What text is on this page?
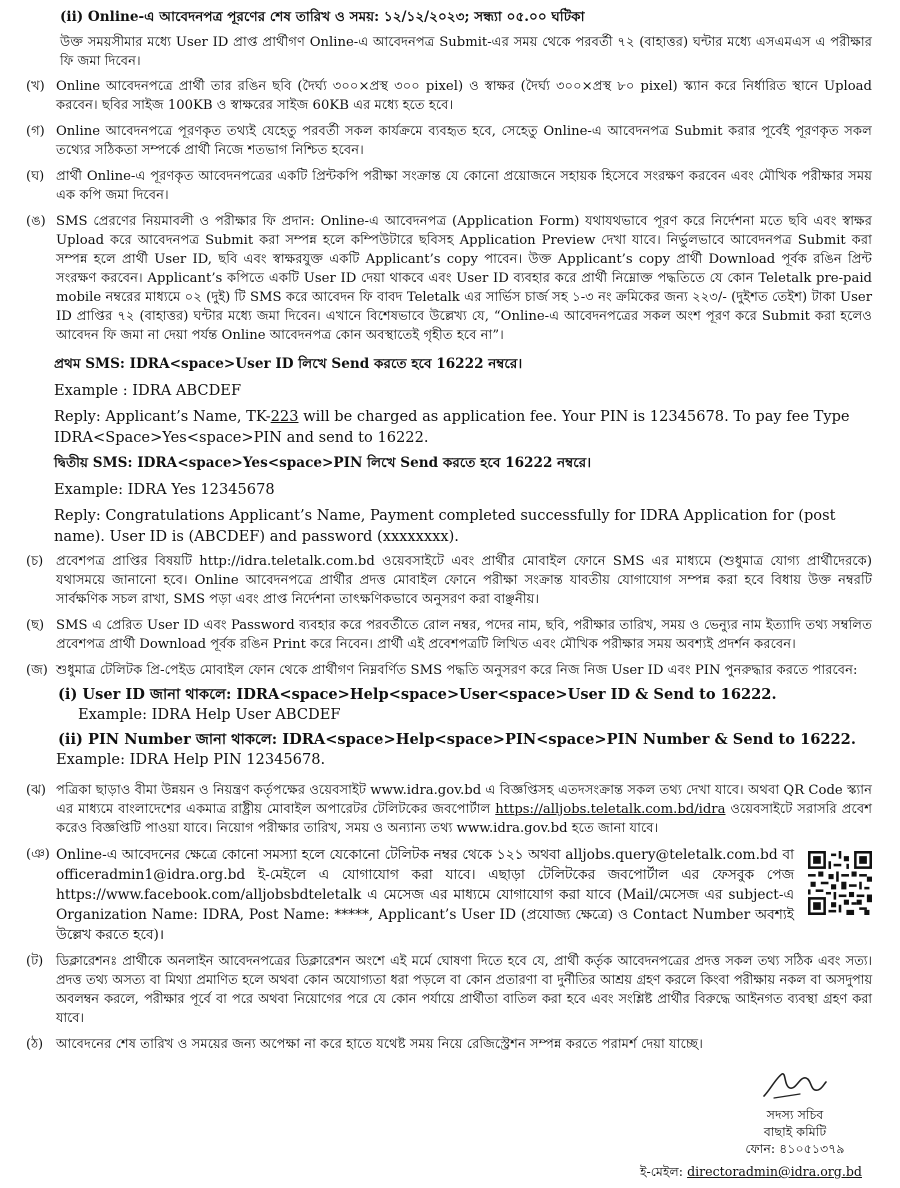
(ii) Online-এ আবেদনপত্র পূরণের শেষ তারিখ ও সময়: ১২/১২/২০২৩; সন্ধ্যা ০৫.০০ ঘটিকা

উক্ত সময়সীমার মধ্যে User ID প্রাপ্ত প্রার্থীগণ Online-এ আবেদনপত্র Submit-এর সময় থেকে পরবর্তী ৭২ (বাহাত্তর) ঘন্টার মধ্যে এসএমএস এ পরীক্ষার ফি জমা দিবেন।

(খ) Online আবেদনপত্রে প্রার্থী তার রঙিন ছবি (দৈর্ঘ্য ৩০০×প্রস্থ ৩০০ pixel) ও স্বাক্ষর (দৈর্ঘ্য ৩০০×প্রস্থ ৮০ pixel) স্ক্যান করে নির্ধারিত স্থানে Upload করবেন। ছবির সাইজ 100KB ও স্বাক্ষরের সাইজ 60KB এর মধ্যে হতে হবে।
(গ) Online আবেদনপত্রে পূরণকৃত তথ্যই যেহেতু পরবর্তী সকল কার্যক্রমে ব্যবহৃত হবে, সেহেতু Online-এ আবেদনপত্র Submit করার পূর্বেই পূরণকৃত সকল তথ্যের সঠিকতা সম্পর্কে প্রার্থী নিজে শতভাগ নিশ্চিত হবেন।
(ঘ) প্রার্থী Online-এ পূরণকৃত আবেদনপত্রের একটি প্রিন্টকপি পরীক্ষা সংক্রান্ত যে কোনো প্রয়োজনে সহায়ক হিসেবে সংরক্ষণ করবেন এবং মৌখিক পরীক্ষার সময় এক কপি জমা দিবেন।
(ঙ) SMS প্রেরণের নিয়মাবলী ও পরীক্ষার ফি প্রদান: Online-এ আবেদনপত্র (Application Form) যথাযথভাবে পূরণ করে নির্দেশনা মতে ছবি এবং স্বাক্ষর Upload করে আবেদনপত্র Submit করা সম্পন্ন হলে কম্পিউটারে ছবিসহ Application Preview দেখা যাবে। নির্ভুলভাবে আবেদনপত্র Submit করা সম্পন্ন হলে প্রার্থী User ID, ছবি এবং স্বাক্ষরযুক্ত একটি Applicant’s copy পাবেন। উক্ত Applicant’s copy প্রার্থী Download পূর্বক রঙিন প্রিন্ট সংরক্ষণ করবেন। Applicant’s কপিতে একটি User ID দেয়া থাকবে এবং User ID ব্যবহার করে প্রার্থী নিম্নোক্ত পদ্ধতিতে যে কোন Teletalk pre-paid mobile নম্বরের মাধ্যমে ০২ (দুই) টি SMS করে আবেদন ফি বাবদ Teletalk এর সার্ভিস চার্জ সহ ১-৩ নং ক্রমিকের জন্য ২২৩/- (দুইশত তেইশ) টাকা User ID প্রাপ্তির ৭২ (বাহাত্তর) ঘন্টার মধ্যে জমা দিবেন। এখানে বিশেষভাবে উল্লেখ্য যে, “Online-এ আবেদনপত্রের সকল অংশ পূরণ করে Submit করা হলেও আবেদন ফি জমা না দেয়া পর্যন্ত Online আবেদনপত্র কোন অবস্থাতেই গৃহীত হবে না”।

প্রথম SMS: IDRA<space>User ID লিখে Send করতে হবে 16222 নম্বরে।

Example : IDRA ABCDEF

Reply: Applicant’s Name, TK-223 will be charged as application fee. Your PIN is 12345678. To pay fee Type IDRA<Space>Yes<space>PIN and send to 16222.

দ্বিতীয় SMS: IDRA<space>Yes<space>PIN লিখে Send করতে হবে 16222 নম্বরে।

Example: IDRA Yes 12345678

Reply: Congratulations Applicant’s Name, Payment completed successfully for IDRA Application for (post name). User ID is (ABCDEF) and password (xxxxxxxx).

(চ) প্রবেশপত্র প্রাপ্তির বিষয়টি http://idra.teletalk.com.bd ওয়েবসাইটে এবং প্রার্থীর মোবাইল ফোনে SMS এর মাধ্যমে (শুধুমাত্র যোগ্য প্রার্থীদেরকে) যথাসময়ে জানানো হবে। Online আবেদনপত্রে প্রার্থীর প্রদত্ত মোবাইল ফোনে পরীক্ষা সংক্রান্ত যাবতীয় যোগাযোগ সম্পন্ন করা হবে বিধায় উক্ত নম্বরটি সার্বক্ষণিক সচল রাখা, SMS পড়া এবং প্রাপ্ত নির্দেশনা তাৎক্ষণিকভাবে অনুসরণ করা বাঞ্ছনীয়।
(ছ) SMS এ প্রেরিত User ID এবং Password ব্যবহার করে পরবর্তীতে রোল নম্বর, পদের নাম, ছবি, পরীক্ষার তারিখ, সময় ও ভেন্যুর নাম ইত্যাদি তথ্য সম্বলিত প্রবেশপত্র প্রার্থী Download পূর্বক রঙিন Print করে নিবেন। প্রার্থী এই প্রবেশপত্রটি লিখিত এবং মৌখিক পরীক্ষার সময় অবশ্যই প্রদর্শন করবেন।
(জ) শুধুমাত্র টেলিটক প্রি-পেইড মোবাইল ফোন থেকে প্রার্থীগণ নিম্নবর্ণিত SMS পদ্ধতি অনুসরণ করে নিজ নিজ User ID এবং PIN পুনরুদ্ধার করতে পারবেন:

(i) User ID জানা থাকলে: IDRA<space>Help<space>User<space>User ID & Send to 16222.

Example: IDRA Help User ABCDEF

(ii) PIN Number জানা থাকলে: IDRA<space>Help<space>PIN<space>PIN Number & Send to 16222.

Example: IDRA Help PIN 12345678.

(ঝ) পত্রিকা ছাড়াও বীমা উন্নয়ন ও নিয়ন্ত্রণ কর্তৃপক্ষের ওয়েবসাইট www.idra.gov.bd এ বিজ্ঞপ্তিসহ এতদসংক্রান্ত সকল তথ্য দেখা যাবে। অথবা QR Code স্ক্যান এর মাধ্যমে বাংলাদেশের একমাত্র রাষ্ট্রীয় মোবাইল অপারেটর টেলিটকের জবপোর্টাল https://alljobs.teletalk.com.bd/idra ওয়েবসাইটে সরাসরি প্রবেশ করেও বিজ্ঞপ্তিটি পাওয়া যাবে। নিয়োগ পরীক্ষার তারিখ, সময় ও অন্যান্য তথ্য www.idra.gov.bd হতে জানা যাবে।
(ঞ) Online-এ আবেদনের ক্ষেত্রে কোনো সমস্যা হলে যেকোনো টেলিটক নম্বর থেকে ১২১ অথবা alljobs.query@teletalk.com.bd বা officeradmin1@idra.org.bd ই-মেইলে এ যোগাযোগ করা যাবে। এছাড়া টেলিটকের জবপোর্টাল এর ফেসবুক পেজ https://www.facebook.com/alljobsbdteletalk এ মেসেজ এর মাধ্যমে যোগাযোগ করা যাবে (Mail/মেসেজ এর subject-এ Organization Name: IDRA, Post Name: *****, Applicant’s User ID (প্রযোজ্য ক্ষেত্রে) ও Contact Number অবশ্যই উল্লেখ করতে হবে)।
(ট) ডিক্লারেশনঃ প্রার্থীকে অনলাইন আবেদনপত্রের ডিক্লারেশন অংশে এই মর্মে ঘোষণা দিতে হবে যে, প্রার্থী কর্তৃক আবেদনপত্রের প্রদত্ত সকল তথ্য সঠিক এবং সত্য। প্রদত্ত তথ্য অসত্য বা মিথ্যা প্রমাণিত হলে অথবা কোন অযোগ্যতা ধরা পড়লে বা কোন প্রতারণা বা দুর্নীতির আশ্রয় গ্রহণ করলে কিংবা পরীক্ষায় নকল বা অসদুপায় অবলম্বন করলে, পরীক্ষার পূর্বে বা পরে অথবা নিয়োগের পরে যে কোন পর্যায়ে প্রার্থীতা বাতিল করা হবে এবং সংশ্লিষ্ট প্রার্থীর বিরুদ্ধে আইনগত ব্যবস্থা গ্রহণ করা যাবে।
(ঠ) আবেদনের শেষ তারিখ ও সময়ের জন্য অপেক্ষা না করে হাতে যথেষ্ট সময় নিয়ে রেজিস্ট্রেশন সম্পন্ন করতে পরামর্শ দেয়া যাচ্ছে।
সদস্য সচিব
বাছাই কমিটি
ফোন: ৪১০৫১৩৭৯
ই-মেইল: directoradmin@idra.org.bd
